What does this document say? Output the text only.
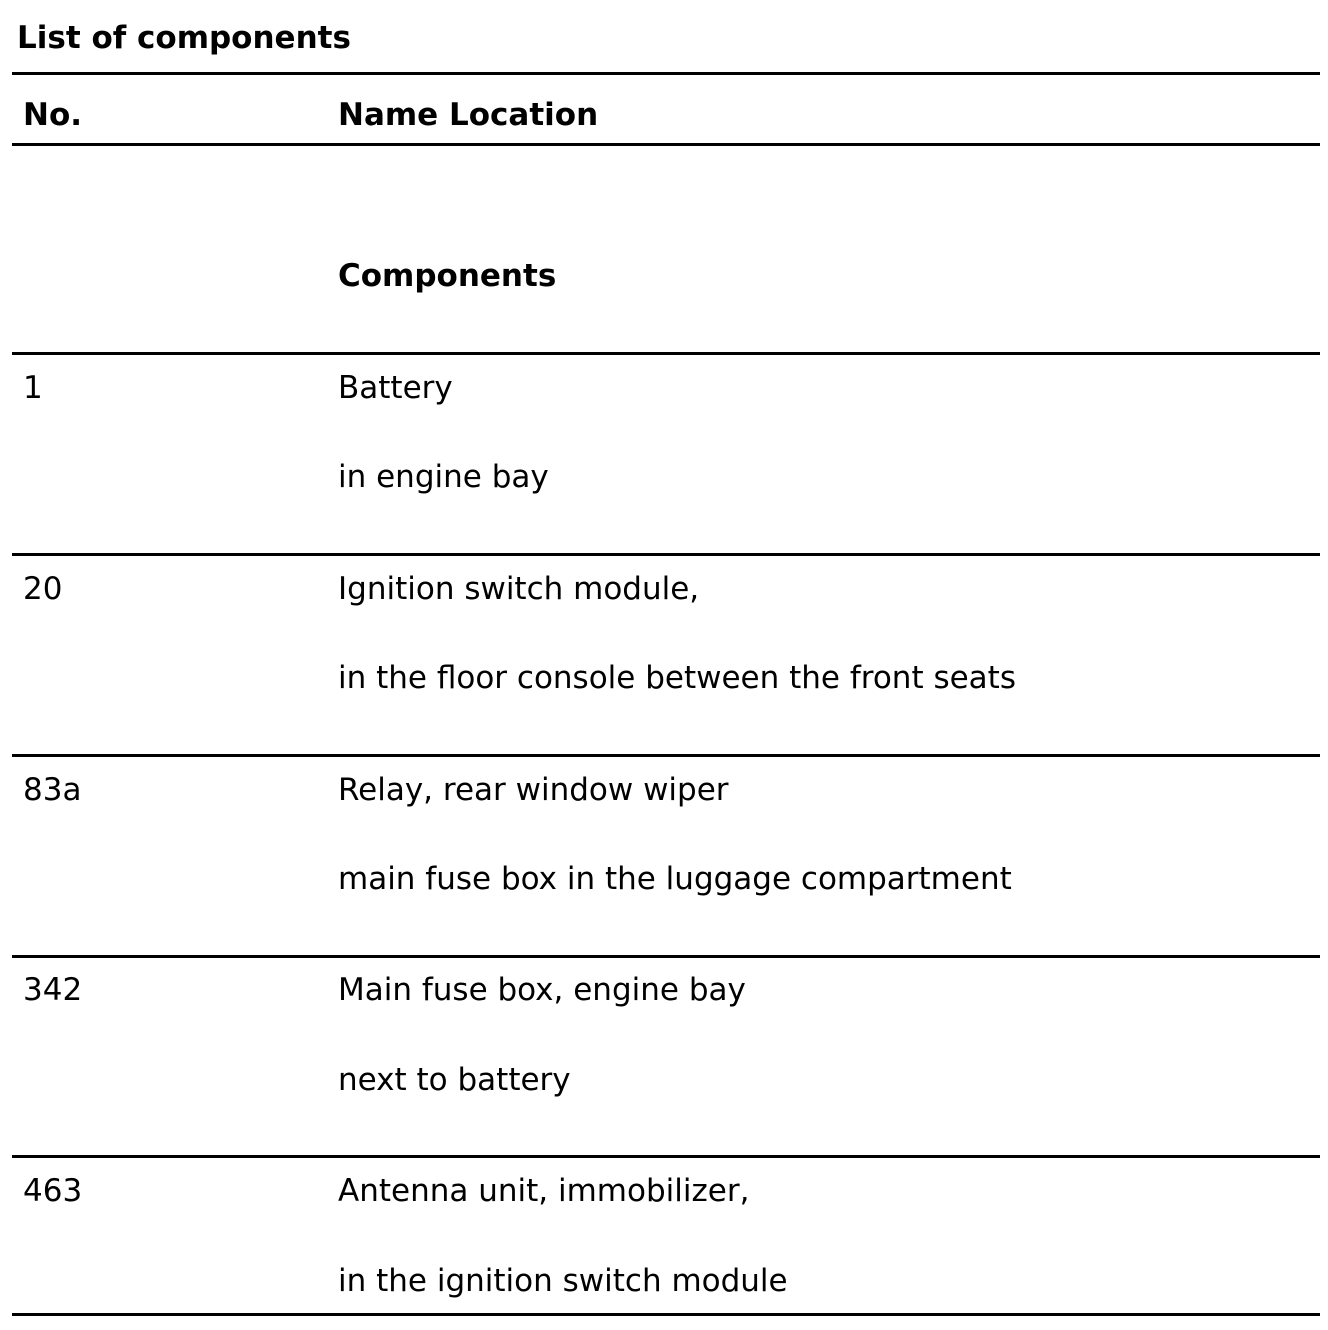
List of components
No.	Name Location
Components
1	Battery
in engine bay
20	Ignition switch module,
in the floor console between the front seats
83a	Relay, rear window wiper
main fuse box in the luggage compartment
342	Main fuse box, engine bay
next to battery
463	Antenna unit, immobilizer,
in the ignition switch module
